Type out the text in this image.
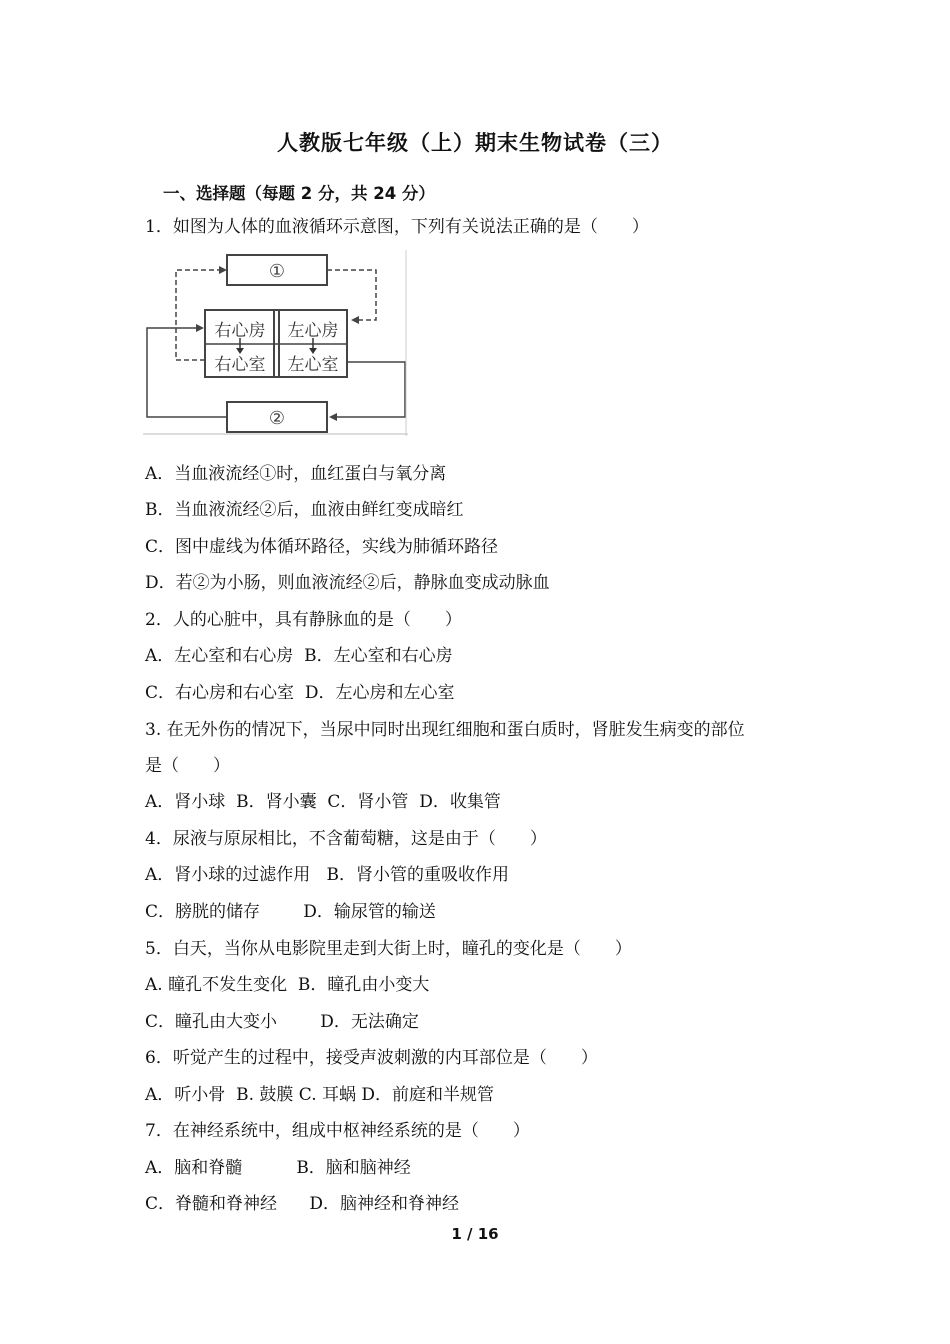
人教版七年级（上）期末生物试卷（三）
一、选择题（每题 2 分，共 24 分）
1．如图为人体的血液循环示意图，下列有关说法正确的是（　　）
①
右心房
右心室
左心房
左心室
②
A．当血液流经①时，血红蛋白与氧分离
B．当血液流经②后，血液由鲜红变成暗红
C．图中虚线为体循环路径，实线为肺循环路径
D．若②为小肠，则血液流经②后，静脉血变成动脉血
2．人的心脏中，具有静脉血的是（　　）
A．左心室和右心房  B．左心室和右心房
C．右心房和右心室  D．左心房和左心室
3. 在无外伤的情况下，当尿中同时出现红细胞和蛋白质时，肾脏发生病变的部位
是（　　）
A．肾小球  B．肾小囊  C．肾小管  D．收集管
4．尿液与原尿相比，不含葡萄糖，这是由于（　　）
A．肾小球的过滤作用   B．肾小管的重吸收作用
C．膀胱的储存        D．输尿管的输送
5．白天，当你从电影院里走到大街上时，瞳孔的变化是（　　）
A. 瞳孔不发生变化  B．瞳孔由小变大
C．瞳孔由大变小        D．无法确定
6．听觉产生的过程中，接受声波刺激的内耳部位是（　　）
A．听小骨  B. 鼓膜 C. 耳蜗 D．前庭和半规管
7．在神经系统中，组成中枢神经系统的是（　　）
A．脑和脊髓          B．脑和脑神经
C．脊髓和脊神经      D．脑神经和脊神经
1 / 16
